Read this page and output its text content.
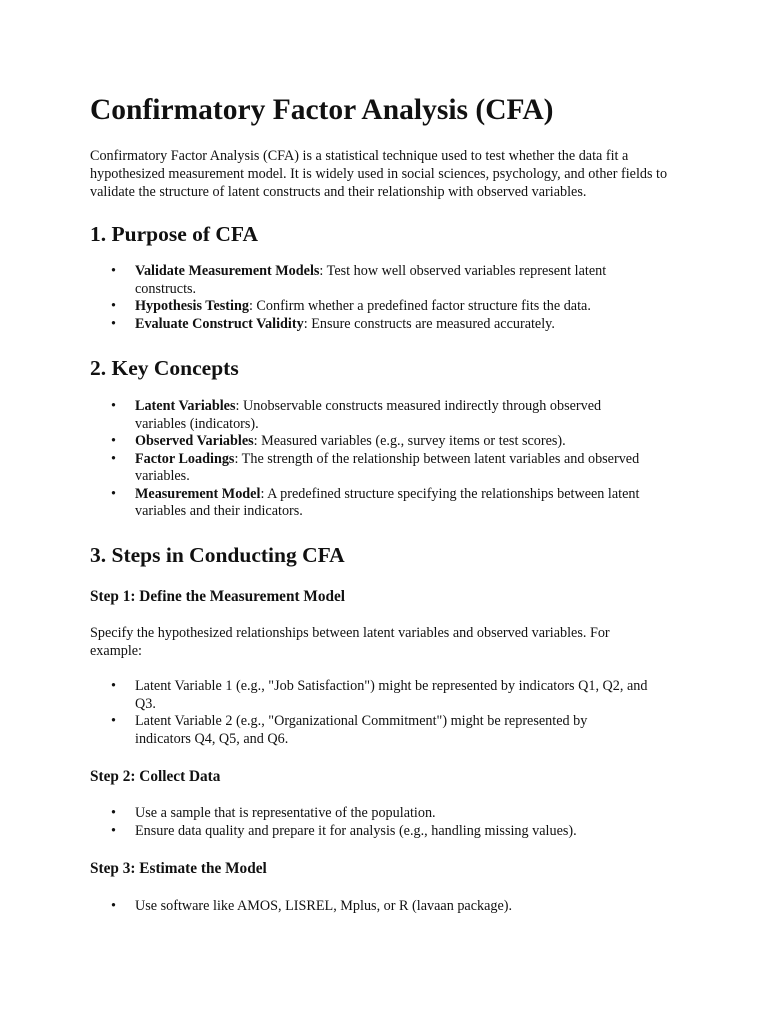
Confirmatory Factor Analysis (CFA)

Confirmatory Factor Analysis (CFA) is a statistical technique used to test whether the data fit a hypothesized measurement model. It is widely used in social sciences, psychology, and other fields to validate the structure of latent constructs and their relationship with observed variables.

1. Purpose of CFA
• Validate Measurement Models: Test how well observed variables represent latent constructs.
• Hypothesis Testing: Confirm whether a predefined factor structure fits the data.
• Evaluate Construct Validity: Ensure constructs are measured accurately.
2. Key Concepts
• Latent Variables: Unobservable constructs measured indirectly through observed variables (indicators).
• Observed Variables: Measured variables (e.g., survey items or test scores).
• Factor Loadings: The strength of the relationship between latent variables and observed variables.
• Measurement Model: A predefined structure specifying the relationships between latent variables and their indicators.
3. Steps in Conducting CFA
Step 1: Define the Measurement Model

Specify the hypothesized relationships between latent variables and observed variables. For example:

• Latent Variable 1 (e.g., "Job Satisfaction") might be represented by indicators Q1, Q2, and Q3.
• Latent Variable 2 (e.g., "Organizational Commitment") might be represented by indicators Q4, Q5, and Q6.
Step 2: Collect Data
• Use a sample that is representative of the population.
• Ensure data quality and prepare it for analysis (e.g., handling missing values).
Step 3: Estimate the Model
• Use software like AMOS, LISREL, Mplus, or R (lavaan package).
